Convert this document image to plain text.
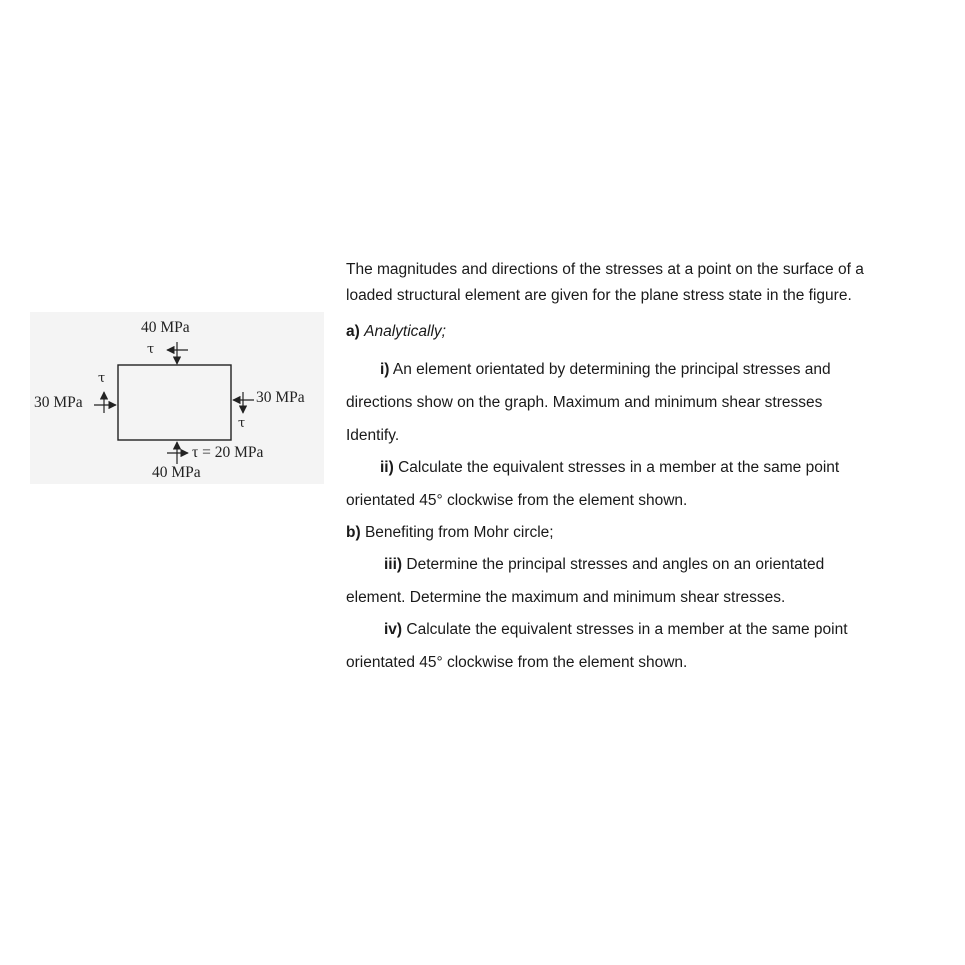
40 MPa
τ
τ
30 MPa	30 MPa
τ
τ = 20 MPa
40 MPa
The magnitudes and directions of the stresses at a point on the surface of a
loaded structural element are given for the plane stress state in the figure.
a) Analytically;
i) An element orientated by determining the principal stresses and
directions show on the graph. Maximum and minimum shear stresses
Identify.
ii) Calculate the equivalent stresses in a member at the same point
orientated 45° clockwise from the element shown.
b) Benefiting from Mohr circle;
iii) Determine the principal stresses and angles on an orientated
element. Determine the maximum and minimum shear stresses.
iv) Calculate the equivalent stresses in a member at the same point
orientated 45° clockwise from the element shown.
